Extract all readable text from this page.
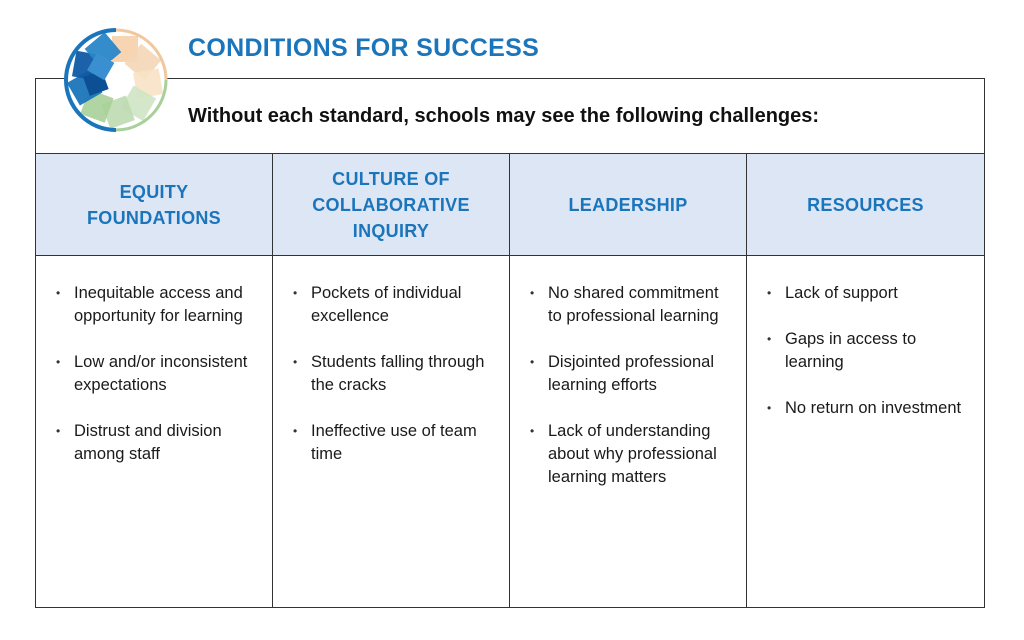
CONDITIONS FOR SUCCESS

Without each standard, schools may see the following challenges:

EQUITY
FOUNDATIONS
CULTURE OF
COLLABORATIVE
INQUIRY
LEADERSHIP	RESOURCES
• Inequitable access and opportunity for learning
• Low and/or inconsistent expectations
• Distrust and division among staff
• Pockets of individual excellence
• Students falling through the cracks
• Ineffective use of team time
• No shared commitment to professional learning
• Disjointed professional learning efforts
• Lack of understanding about why professional learning matters
• Lack of support
• Gaps in access to learning
• No return on investment
